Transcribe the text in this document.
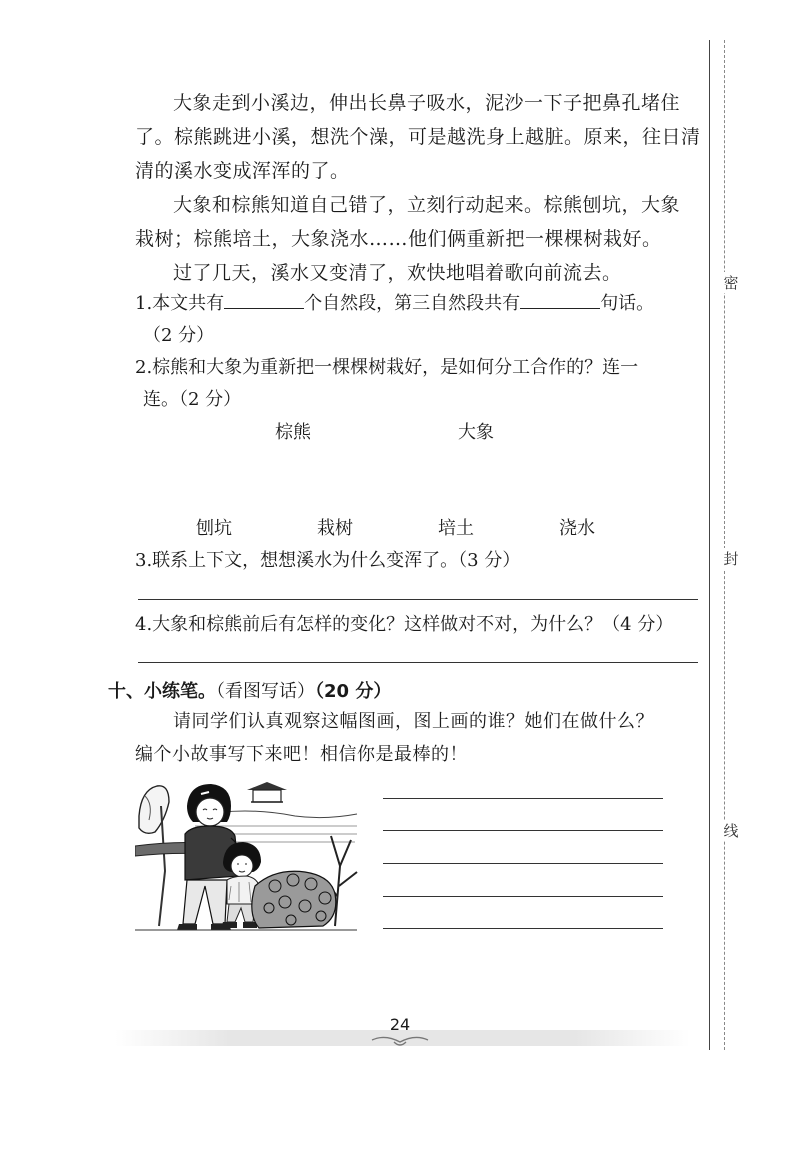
大象走到小溪边，伸出长鼻子吸水，泥沙一下子把鼻孔堵住
了。棕熊跳进小溪，想洗个澡，可是越洗身上越脏。原来，往日清
清的溪水变成浑浑的了。
大象和棕熊知道自己错了，立刻行动起来。棕熊刨坑，大象
栽树；棕熊培土，大象浇水……他们俩重新把一棵棵树栽好。
过了几天，溪水又变清了，欢快地唱着歌向前流去。
1.本文共有	个自然段，第三自然段共有	句话。
（2 分）
2.棕熊和大象为重新把一棵棵树栽好，是如何分工合作的？连一
连。（2 分）
棕熊	大象
刨坑	栽树	培土	浇水
3.联系上下文，想想溪水为什么变浑了。（3 分）
4.大象和棕熊前后有怎样的变化？这样做对不对，为什么？（4 分）
十、小练笔。（看图写话）（20 分）
请同学们认真观察这幅图画，图上画的谁？她们在做什么？
编个小故事写下来吧！相信你是最棒的！
密
封
线
24
